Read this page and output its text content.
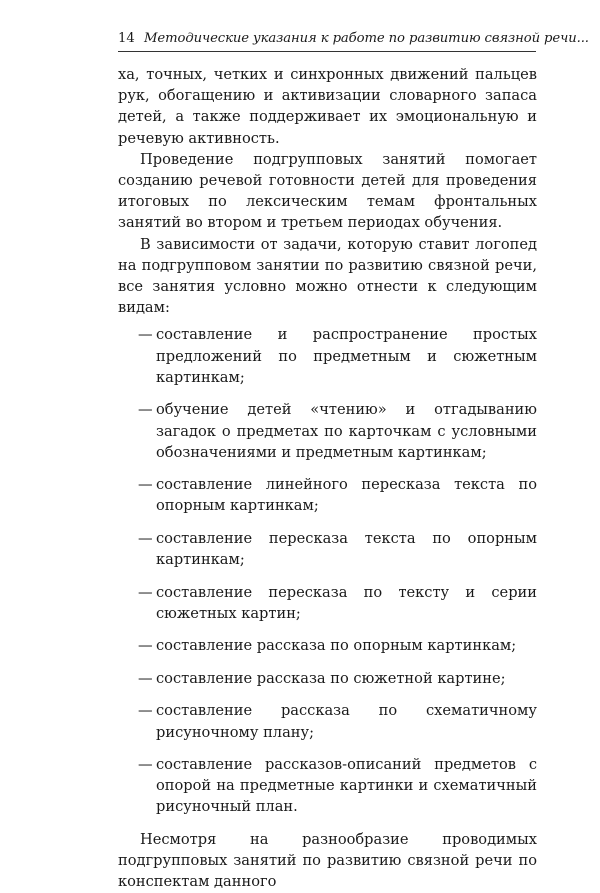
14 Методические указания к работе по развитию связной речи...

ха, точных, четких и синхронных движений пальцев рук, обогащению и активизации словарного запаса детей, а также поддерживает их эмоциональную и речевую активность.

Проведение подгрупповых занятий помогает созданию речевой готовности детей для проведения итоговых по лексическим темам фронтальных занятий во втором и третьем периодах обучения.

В зависимости от задачи, которую ставит логопед на подгрупповом занятии по развитию связной речи, все занятия условно можно отнести к следующим видам:

— составление и распространение простых предложений по предметным и сюжетным картинкам;
— обучение детей «чтению» и отгадыванию загадок о предметах по карточкам с условными обозначениями и предметным картинкам;
— составление линейного пересказа текста по опорным картинкам;
— составление пересказа текста по опорным картинкам;
— составление пересказа по тексту и серии сюжетных картин;
— составление рассказа по опорным картинкам;
— составление рассказа по сюжетной картине;
— составление рассказа по схематичному рисуночному плану;
— составление рассказов-описаний предметов с опорой на предметные картинки и схематичный рисуночный план.

Несмотря на разнообразие проводимых подгрупповых занятий по развитию связной речи по конспектам данного
